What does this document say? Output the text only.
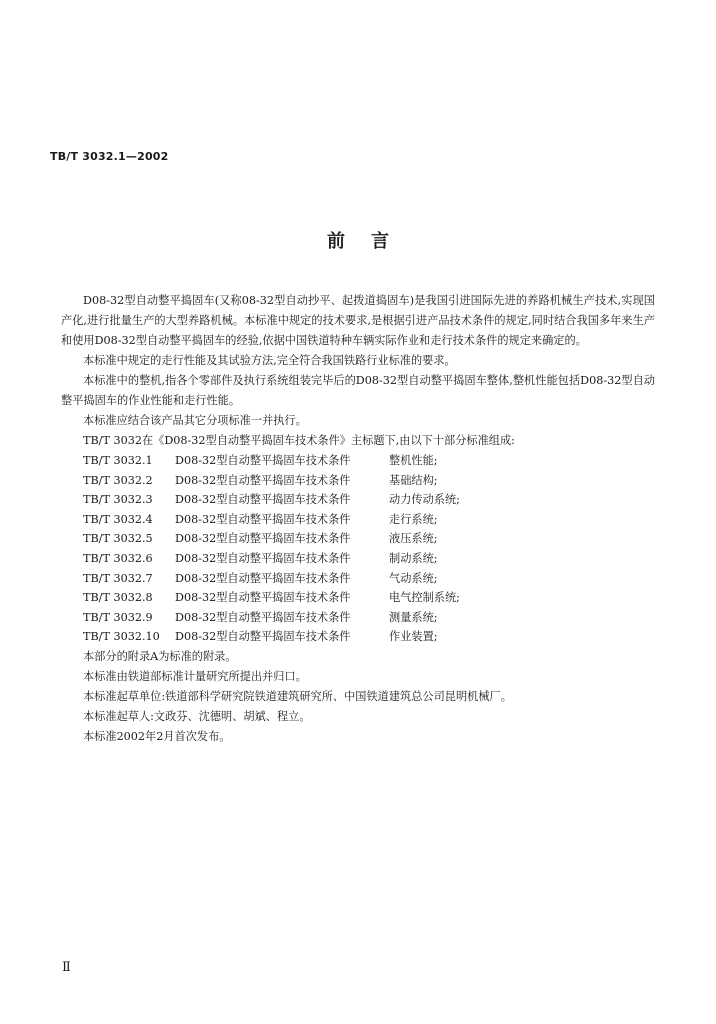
TB/T 3032.1—2002
前言

D08-32型自动整平捣固车(又称08-32型自动抄平、起拨道捣固车)是我国引进国际先进的养路机械生产技术,实现国产化,进行批量生产的大型养路机械。本标准中规定的技术要求,是根据引进产品技术条件的规定,同时结合我国多年来生产和使用D08-32型自动整平捣固车的经验,依据中国铁道特种车辆实际作业和走行技术条件的规定来确定的。

本标准中规定的走行性能及其试验方法,完全符合我国铁路行业标准的要求。

本标准中的整机,指各个零部件及执行系统组装完毕后的D08-32型自动整平捣固车整体,整机性能包括D08-32型自动整平捣固车的作业性能和走行性能。

本标准应结合该产品其它分项标准一并执行。

TB/T 3032在《D08-32型自动整平捣固车技术条件》主标题下,由以下十部分标准组成:

TB/T 3032.1	D08-32型自动整平捣固车技术条件	整机性能;
TB/T 3032.2	D08-32型自动整平捣固车技术条件	基础结构;
TB/T 3032.3	D08-32型自动整平捣固车技术条件	动力传动系统;
TB/T 3032.4	D08-32型自动整平捣固车技术条件	走行系统;
TB/T 3032.5	D08-32型自动整平捣固车技术条件	液压系统;
TB/T 3032.6	D08-32型自动整平捣固车技术条件	制动系统;
TB/T 3032.7	D08-32型自动整平捣固车技术条件	气动系统;
TB/T 3032.8	D08-32型自动整平捣固车技术条件	电气控制系统;
TB/T 3032.9	D08-32型自动整平捣固车技术条件	测量系统;
TB/T 3032.10	D08-32型自动整平捣固车技术条件	作业装置;

本部分的附录A为标准的附录。

本标准由铁道部标准计量研究所提出并归口。

本标准起草单位:铁道部科学研究院铁道建筑研究所、中国铁道建筑总公司昆明机械厂。

本标准起草人:文政芬、沈德明、胡斌、程立。

本标准2002年2月首次发布。

Ⅱ
